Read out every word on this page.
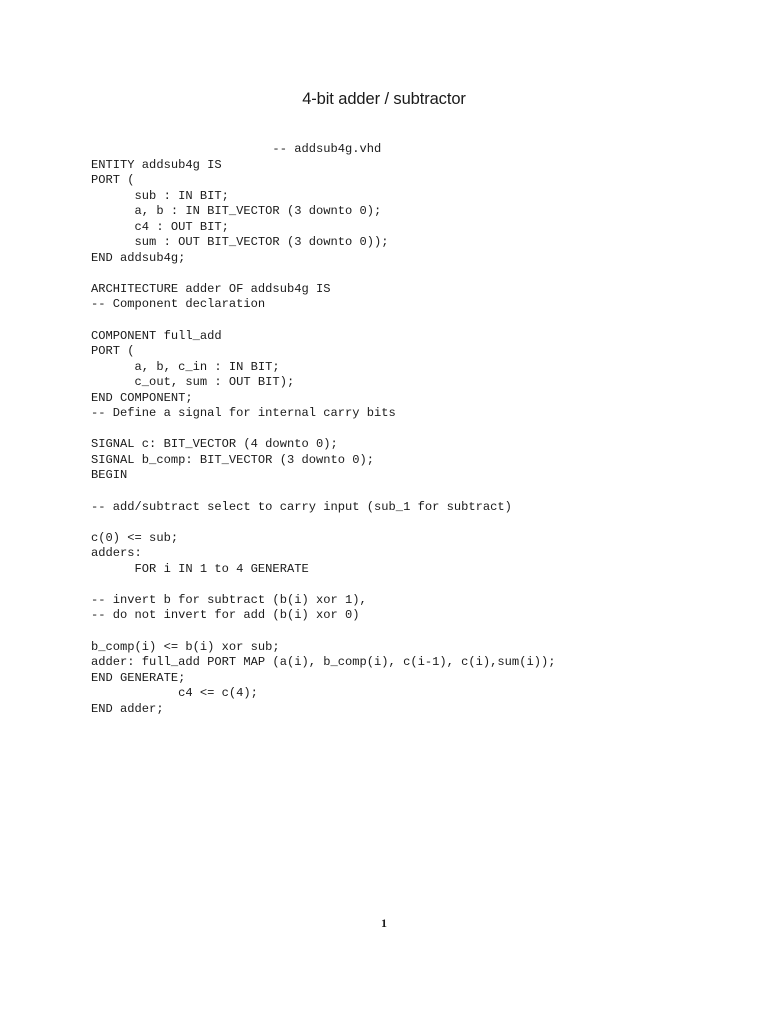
4-bit adder / subtractor
-- addsub4g.vhd
ENTITY addsub4g IS
PORT (
sub : IN BIT;
a, b : IN BIT_VECTOR (3 downto 0);
c4 : OUT BIT;
sum : OUT BIT_VECTOR (3 downto 0));
END addsub4g;
ARCHITECTURE adder OF addsub4g IS
-- Component declaration
COMPONENT full_add
PORT (
a, b, c_in : IN BIT;
c_out, sum : OUT BIT);
END COMPONENT;
-- Define a signal for internal carry bits
SIGNAL c: BIT_VECTOR (4 downto 0);
SIGNAL b_comp: BIT_VECTOR (3 downto 0);
BEGIN
-- add/subtract select to carry input (sub_1 for subtract)
c(0) <= sub;
adders:
FOR i IN 1 to 4 GENERATE
-- invert b for subtract (b(i) xor 1),
-- do not invert for add (b(i) xor 0)
b_comp(i) <= b(i) xor sub;
adder: full_add PORT MAP (a(i), b_comp(i), c(i-1), c(i),sum(i));
END GENERATE;
c4 <= c(4);
END adder;
1
